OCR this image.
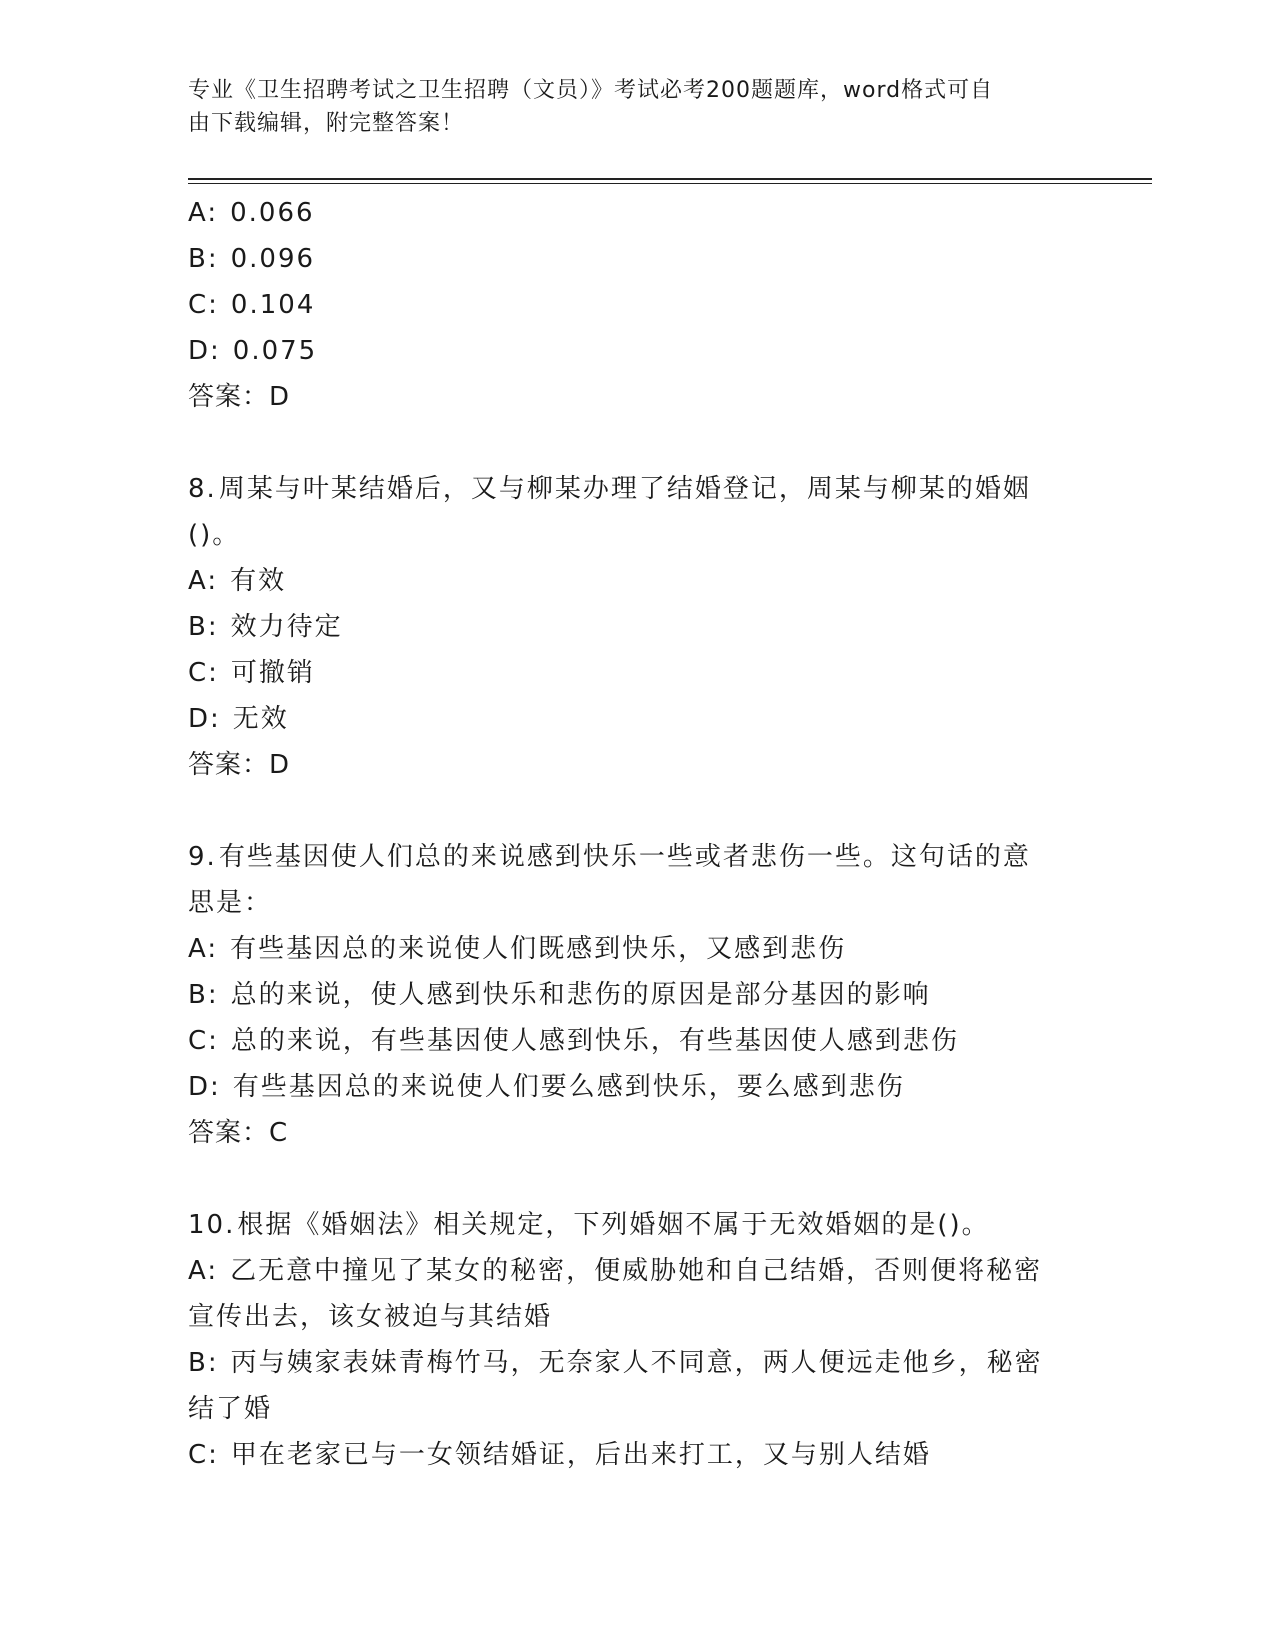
专业《卫生招聘考试之卫生招聘（文员）》考试必考200题题库，word格式可自
由下载编辑，附完整答案！
A: 0.066
B: 0.096
C: 0.104
D: 0.075
答案：D
8.周某与叶某结婚后，又与柳某办理了结婚登记，周某与柳某的婚姻
()。
A: 有效
B: 效力待定
C: 可撤销
D: 无效
答案：D
9.有些基因使人们总的来说感到快乐一些或者悲伤一些。这句话的意
思是：
A: 有些基因总的来说使人们既感到快乐，又感到悲伤
B: 总的来说，使人感到快乐和悲伤的原因是部分基因的影响
C: 总的来说，有些基因使人感到快乐，有些基因使人感到悲伤
D: 有些基因总的来说使人们要么感到快乐，要么感到悲伤
答案：C
10.根据《婚姻法》相关规定，下列婚姻不属于无效婚姻的是()。
A: 乙无意中撞见了某女的秘密，便威胁她和自己结婚，否则便将秘密
宣传出去，该女被迫与其结婚
B: 丙与姨家表妹青梅竹马，无奈家人不同意，两人便远走他乡，秘密
结了婚
C: 甲在老家已与一女领结婚证，后出来打工，又与别人结婚
